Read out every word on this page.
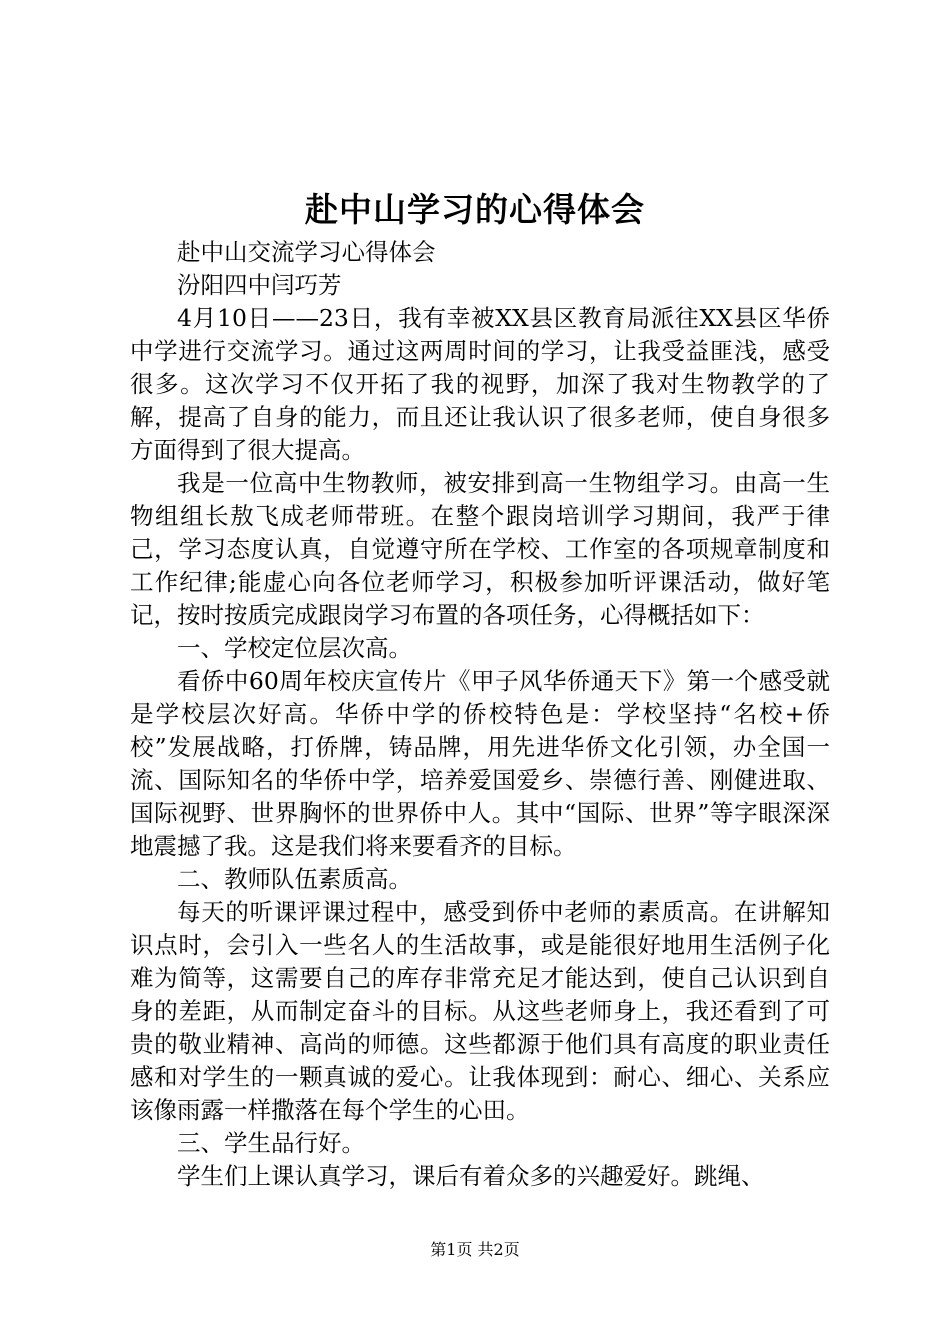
赴中山学习的心得体会

赴中山交流学习心得体会

汾阳四中闫巧芳

4月10日——23日，我有幸被XX县区教育局派往XX县区华侨中学进行交流学习。通过这两周时间的学习，让我受益匪浅，感受很多。这次学习不仅开拓了我的视野，加深了我对生物教学的了解，提高了自身的能力，而且还让我认识了很多老师，使自身很多方面得到了很大提高。

我是一位高中生物教师，被安排到高一生物组学习。由高一生物组组长敖飞成老师带班。在整个跟岗培训学习期间，我严于律己，学习态度认真，自觉遵守所在学校、工作室的各项规章制度和工作纪律;能虚心向各位老师学习，积极参加听评课活动，做好笔记，按时按质完成跟岗学习布置的各项任务，心得概括如下：

一、学校定位层次高。

看侨中60周年校庆宣传片《甲子风华侨通天下》第一个感受就是学校层次好高。华侨中学的侨校特色是：学校坚持“名校+侨校”发展战略，打侨牌，铸品牌，用先进华侨文化引领，办全国一流、国际知名的华侨中学，培养爱国爱乡、崇德行善、刚健进取、国际视野、世界胸怀的世界侨中人。其中“国际、世界”等字眼深深地震撼了我。这是我们将来要看齐的目标。

二、教师队伍素质高。

每天的听课评课过程中，感受到侨中老师的素质高。在讲解知识点时，会引入一些名人的生活故事，或是能很好地用生活例子化难为简等，这需要自己的库存非常充足才能达到，使自己认识到自身的差距，从而制定奋斗的目标。从这些老师身上，我还看到了可贵的敬业精神、高尚的师德。这些都源于他们具有高度的职业责任感和对学生的一颗真诚的爱心。让我体现到：耐心、细心、关系应该像雨露一样撒落在每个学生的心田。

三、学生品行好。

学生们上课认真学习，课后有着众多的兴趣爱好。跳绳、

第1页 共2页
